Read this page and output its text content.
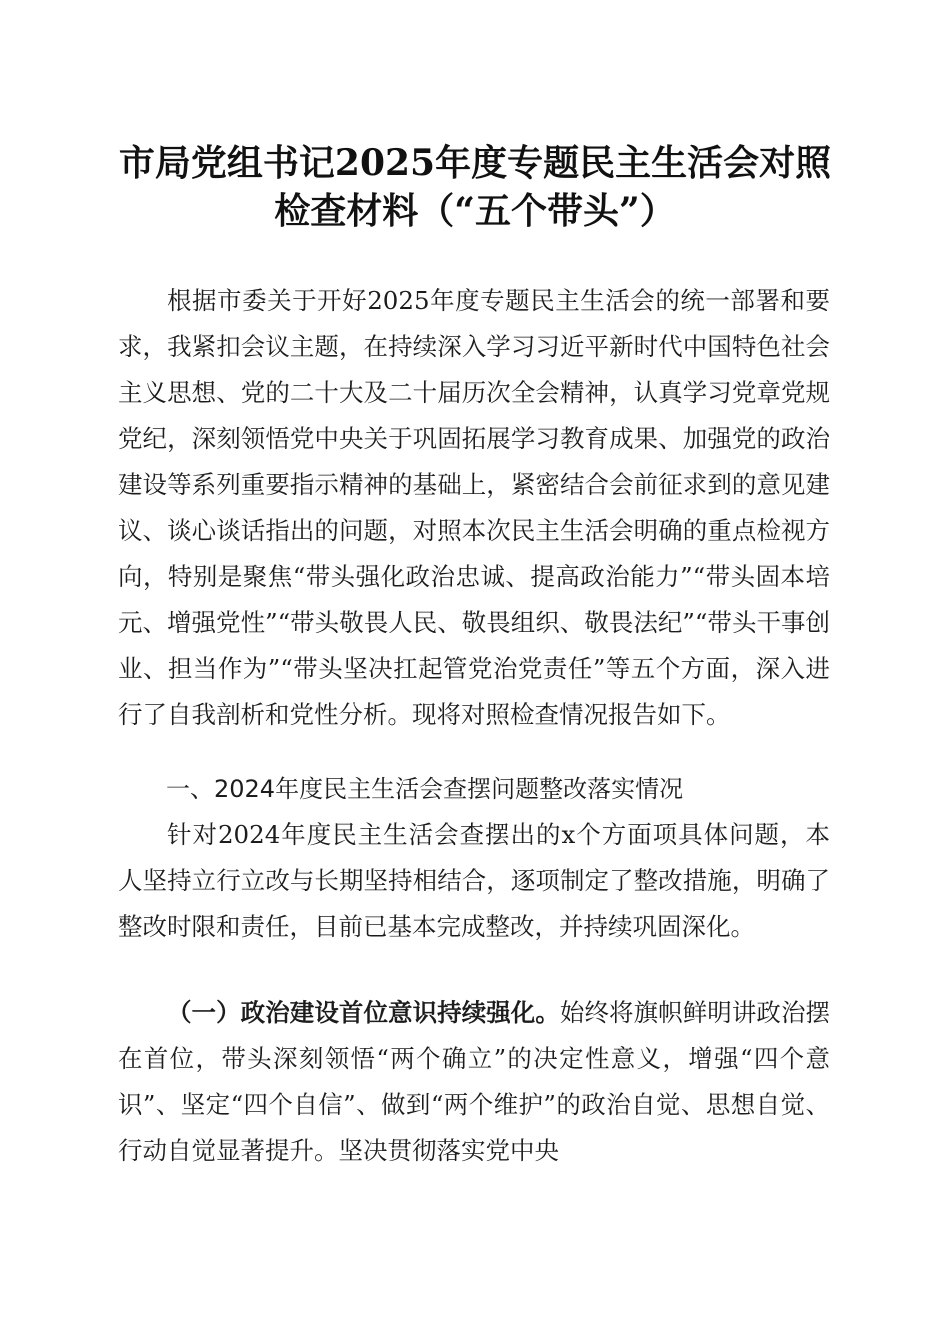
市局党组书记2025年度专题民主生活会对照
检查材料（“五个带头”）

根据市委关于开好2025年度专题民主生活会的统一部署和要求，我紧扣会议主题，在持续深入学习习近平新时代中国特色社会主义思想、党的二十大及二十届历次全会精神，认真学习党章党规党纪，深刻领悟党中央关于巩固拓展学习教育成果、加强党的政治建设等系列重要指示精神的基础上，紧密结合会前征求到的意见建议、谈心谈话指出的问题，对照本次民主生活会明确的重点检视方向，特别是聚焦“带头强化政治忠诚、提高政治能力”“带头固本培元、增强党性”“带头敬畏人民、敬畏组织、敬畏法纪”“带头干事创业、担当作为”“带头坚决扛起管党治党责任”等五个方面，深入进行了自我剖析和党性分析。现将对照检查情况报告如下。

一、2024年度民主生活会查摆问题整改落实情况

针对2024年度民主生活会查摆出的x个方面项具体问题，本人坚持立行立改与长期坚持相结合，逐项制定了整改措施，明确了整改时限和责任，目前已基本完成整改，并持续巩固深化。

（一）政治建设首位意识持续强化。始终将旗帜鲜明讲政治摆在首位，带头深刻领悟“两个确立”的决定性意义，增强“四个意识”、坚定“四个自信”、做到“两个维护”的政治自觉、思想自觉、行动自觉显著提升。坚决贯彻落实党中央
